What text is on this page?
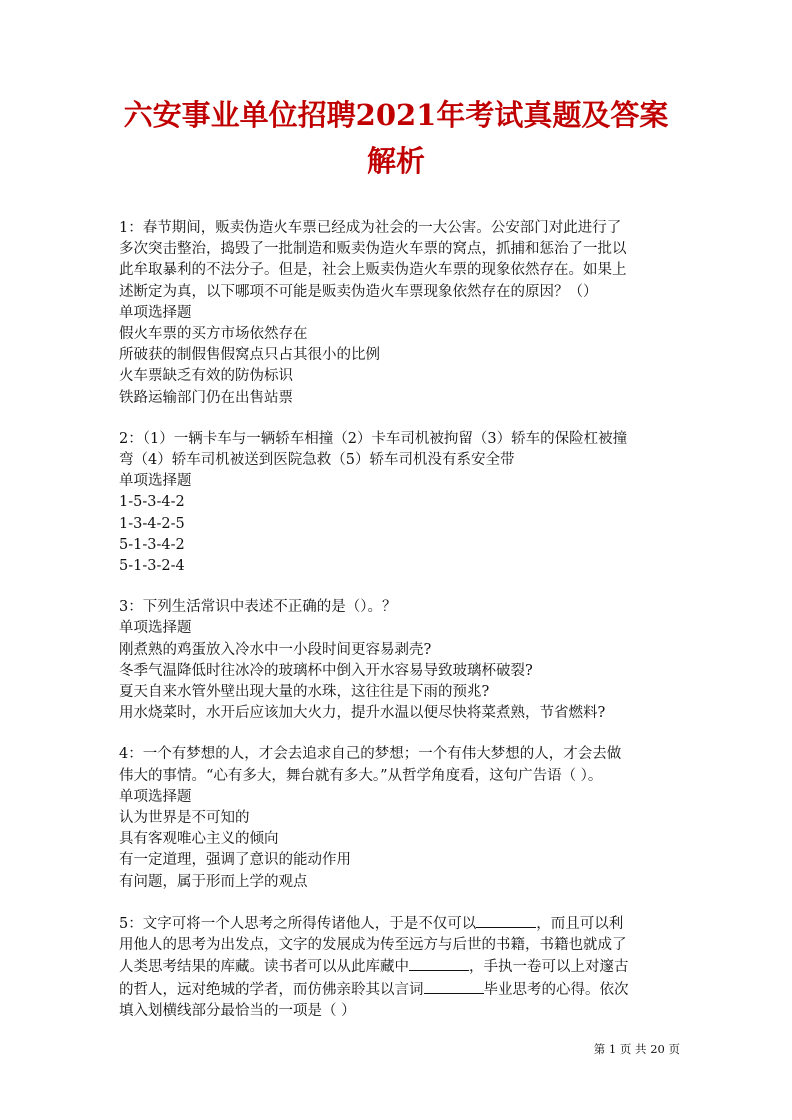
六安事业单位招聘2021年考试真题及答案
解析
1：春节期间，贩卖伪造火车票已经成为社会的一大公害。公安部门对此进行了
多次突击整治，捣毁了一批制造和贩卖伪造火车票的窝点，抓捕和惩治了一批以
此牟取暴利的不法分子。但是，社会上贩卖伪造火车票的现象依然存在。如果上
述断定为真，以下哪项不可能是贩卖伪造火车票现象依然存在的原因？（）
单项选择题
假火车票的买方市场依然存在
所破获的制假售假窝点只占其很小的比例
火车票缺乏有效的防伪标识
铁路运输部门仍在出售站票
2：（1）一辆卡车与一辆轿车相撞（2）卡车司机被拘留（3）轿车的保险杠被撞
弯（4）轿车司机被送到医院急救（5）轿车司机没有系安全带
单项选择题
1-5-3-4-2
1-3-4-2-5
5-1-3-4-2
5-1-3-2-4
3：下列生活常识中表述不正确的是（）。？
单项选择题
刚煮熟的鸡蛋放入冷水中一小段时间更容易剥壳?
冬季气温降低时往冰冷的玻璃杯中倒入开水容易导致玻璃杯破裂?
夏天自来水管外壁出现大量的水珠，这往往是下雨的预兆?
用水烧菜时，水开后应该加大火力，提升水温以便尽快将菜煮熟，节省燃料?
4：一个有梦想的人，才会去追求自己的梦想；一个有伟大梦想的人，才会去做
伟大的事情。“心有多大，舞台就有多大。”从哲学角度看，这句广告语（ ）。
单项选择题
认为世界是不可知的
具有客观唯心主义的倾向
有一定道理，强调了意识的能动作用
有问题，属于形而上学的观点
5：文字可将一个人思考之所得传诸他人，于是不仅可以	，而且可以利
用他人的思考为出发点，文字的发展成为传至远方与后世的书籍，书籍也就成了
人类思考结果的库藏。读书者可以从此库藏中	，手执一卷可以上对邃古
的哲人，远对绝城的学者，而仿佛亲聆其以言词	毕业思考的心得。依次
填入划横线部分最恰当的一项是（ ）
第 1 页 共 20 页
